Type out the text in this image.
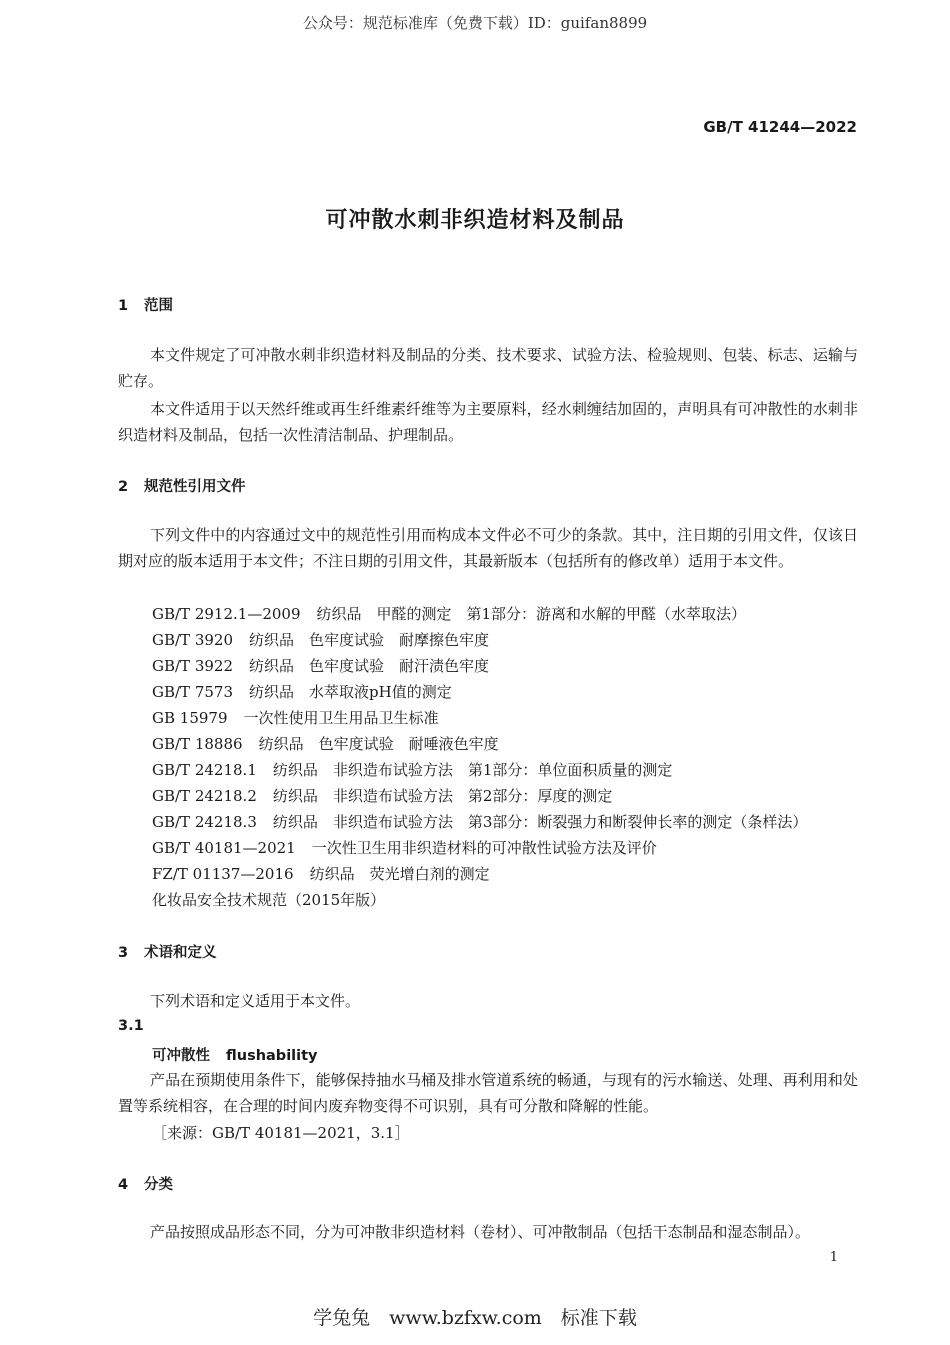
公众号：规范标准库（免费下载）ID：guifan8899
GB/T 41244—2022
可冲散水刺非织造材料及制品
1 范围
本文件规定了可冲散水刺非织造材料及制品的分类、技术要求、试验方法、检验规则、包装、标志、运输与贮存。
本文件适用于以天然纤维或再生纤维素纤维等为主要原料，经水刺缠结加固的，声明具有可冲散性的水刺非织造材料及制品，包括一次性清洁制品、护理制品。
2 规范性引用文件
下列文件中的内容通过文中的规范性引用而构成本文件必不可少的条款。其中，注日期的引用文件，仅该日期对应的版本适用于本文件；不注日期的引用文件，其最新版本（包括所有的修改单）适用于本文件。
GB/T 2912.1—2009 纺织品　甲醛的测定　第1部分：游离和水解的甲醛（水萃取法）
GB/T 3920 纺织品　色牢度试验　耐摩擦色牢度
GB/T 3922 纺织品　色牢度试验　耐汗渍色牢度
GB/T 7573 纺织品　水萃取液pH值的测定
GB 15979 一次性使用卫生用品卫生标准
GB/T 18886 纺织品　色牢度试验　耐唾液色牢度
GB/T 24218.1 纺织品　非织造布试验方法　第1部分：单位面积质量的测定
GB/T 24218.2 纺织品　非织造布试验方法　第2部分：厚度的测定
GB/T 24218.3 纺织品　非织造布试验方法　第3部分：断裂强力和断裂伸长率的测定（条样法）
GB/T 40181—2021 一次性卫生用非织造材料的可冲散性试验方法及评价
FZ/T 01137—2016 纺织品　荧光增白剂的测定
化妆品安全技术规范（2015年版）
3 术语和定义
下列术语和定义适用于本文件。
3.1
可冲散性 flushability
产品在预期使用条件下，能够保持抽水马桶及排水管道系统的畅通，与现有的污水输送、处理、再利用和处置等系统相容，在合理的时间内废弃物变得不可识别，具有可分散和降解的性能。
［来源：GB/T 40181—2021，3.1］
4 分类
产品按照成品形态不同，分为可冲散非织造材料（卷材）、可冲散制品（包括干态制品和湿态制品）。
1
学兔兔　www.bzfxw.com　标准下载
